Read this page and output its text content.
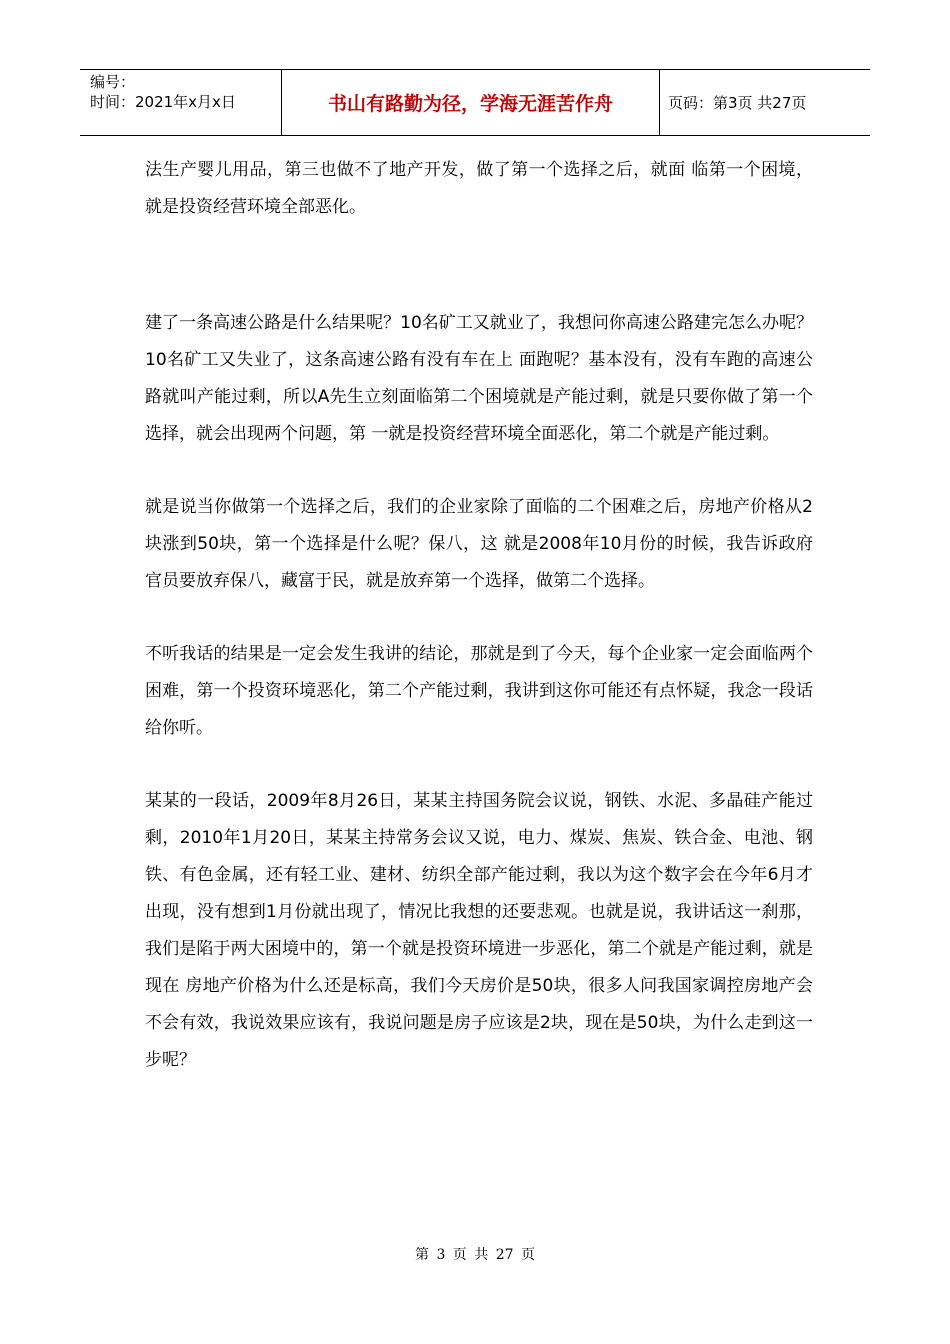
编号：
时间：2021年x月x日	书山有路勤为径，学海无涯苦作舟	页码：第3页 共27页

法生产婴儿用品，第三也做不了地产开发，做了第一个选择之后，就面 临第一个困境，就是投资经营环境全部恶化。

建了一条高速公路是什么结果呢？10名矿工又就业了，我想问你高速公路建完怎么办呢？10名矿工又失业了，这条高速公路有没有车在上 面跑呢？基本没有，没有车跑的高速公路就叫产能过剩，所以A先生立刻面临第二个困境就是产能过剩，就是只要你做了第一个选择，就会出现两个问题，第 一就是投资经营环境全面恶化，第二个就是产能过剩。

就是说当你做第一个选择之后，我们的企业家除了面临的二个困难之后，房地产价格从2块涨到50块，第一个选择是什么呢？保八，这 就是2008年10月份的时候，我告诉政府官员要放弃保八，藏富于民，就是放弃第一个选择，做第二个选择。

不听我话的结果是一定会发生我讲的结论，那就是到了今天，每个企业家一定会面临两个困难，第一个投资环境恶化，第二个产能过剩，我讲到这你可能还有点怀疑，我念一段话给你听。

某某的一段话，2009年8月26日，某某主持国务院会议说，钢铁、水泥、多晶硅产能过剩，2010年1月20日，某某主持常务会议又说，电力、煤炭、焦炭、铁合金、电池、钢铁、有色金属，还有轻工业、建材、纺织全部产能过剩，我以为这个数字会在今年6月才出现，没有想到1月份就出现了，情况比我想的还要悲观。也就是说，我讲话这一刹那，我们是陷于两大困境中的，第一个就是投资环境进一步恶化，第二个就是产能过剩，就是现在 房地产价格为什么还是标高，我们今天房价是50块，很多人问我国家调控房地产会不会有效，我说效果应该有，我说问题是房子应该是2块，现在是50块，为什么走到这一步呢？

第 3 页 共 27 页
